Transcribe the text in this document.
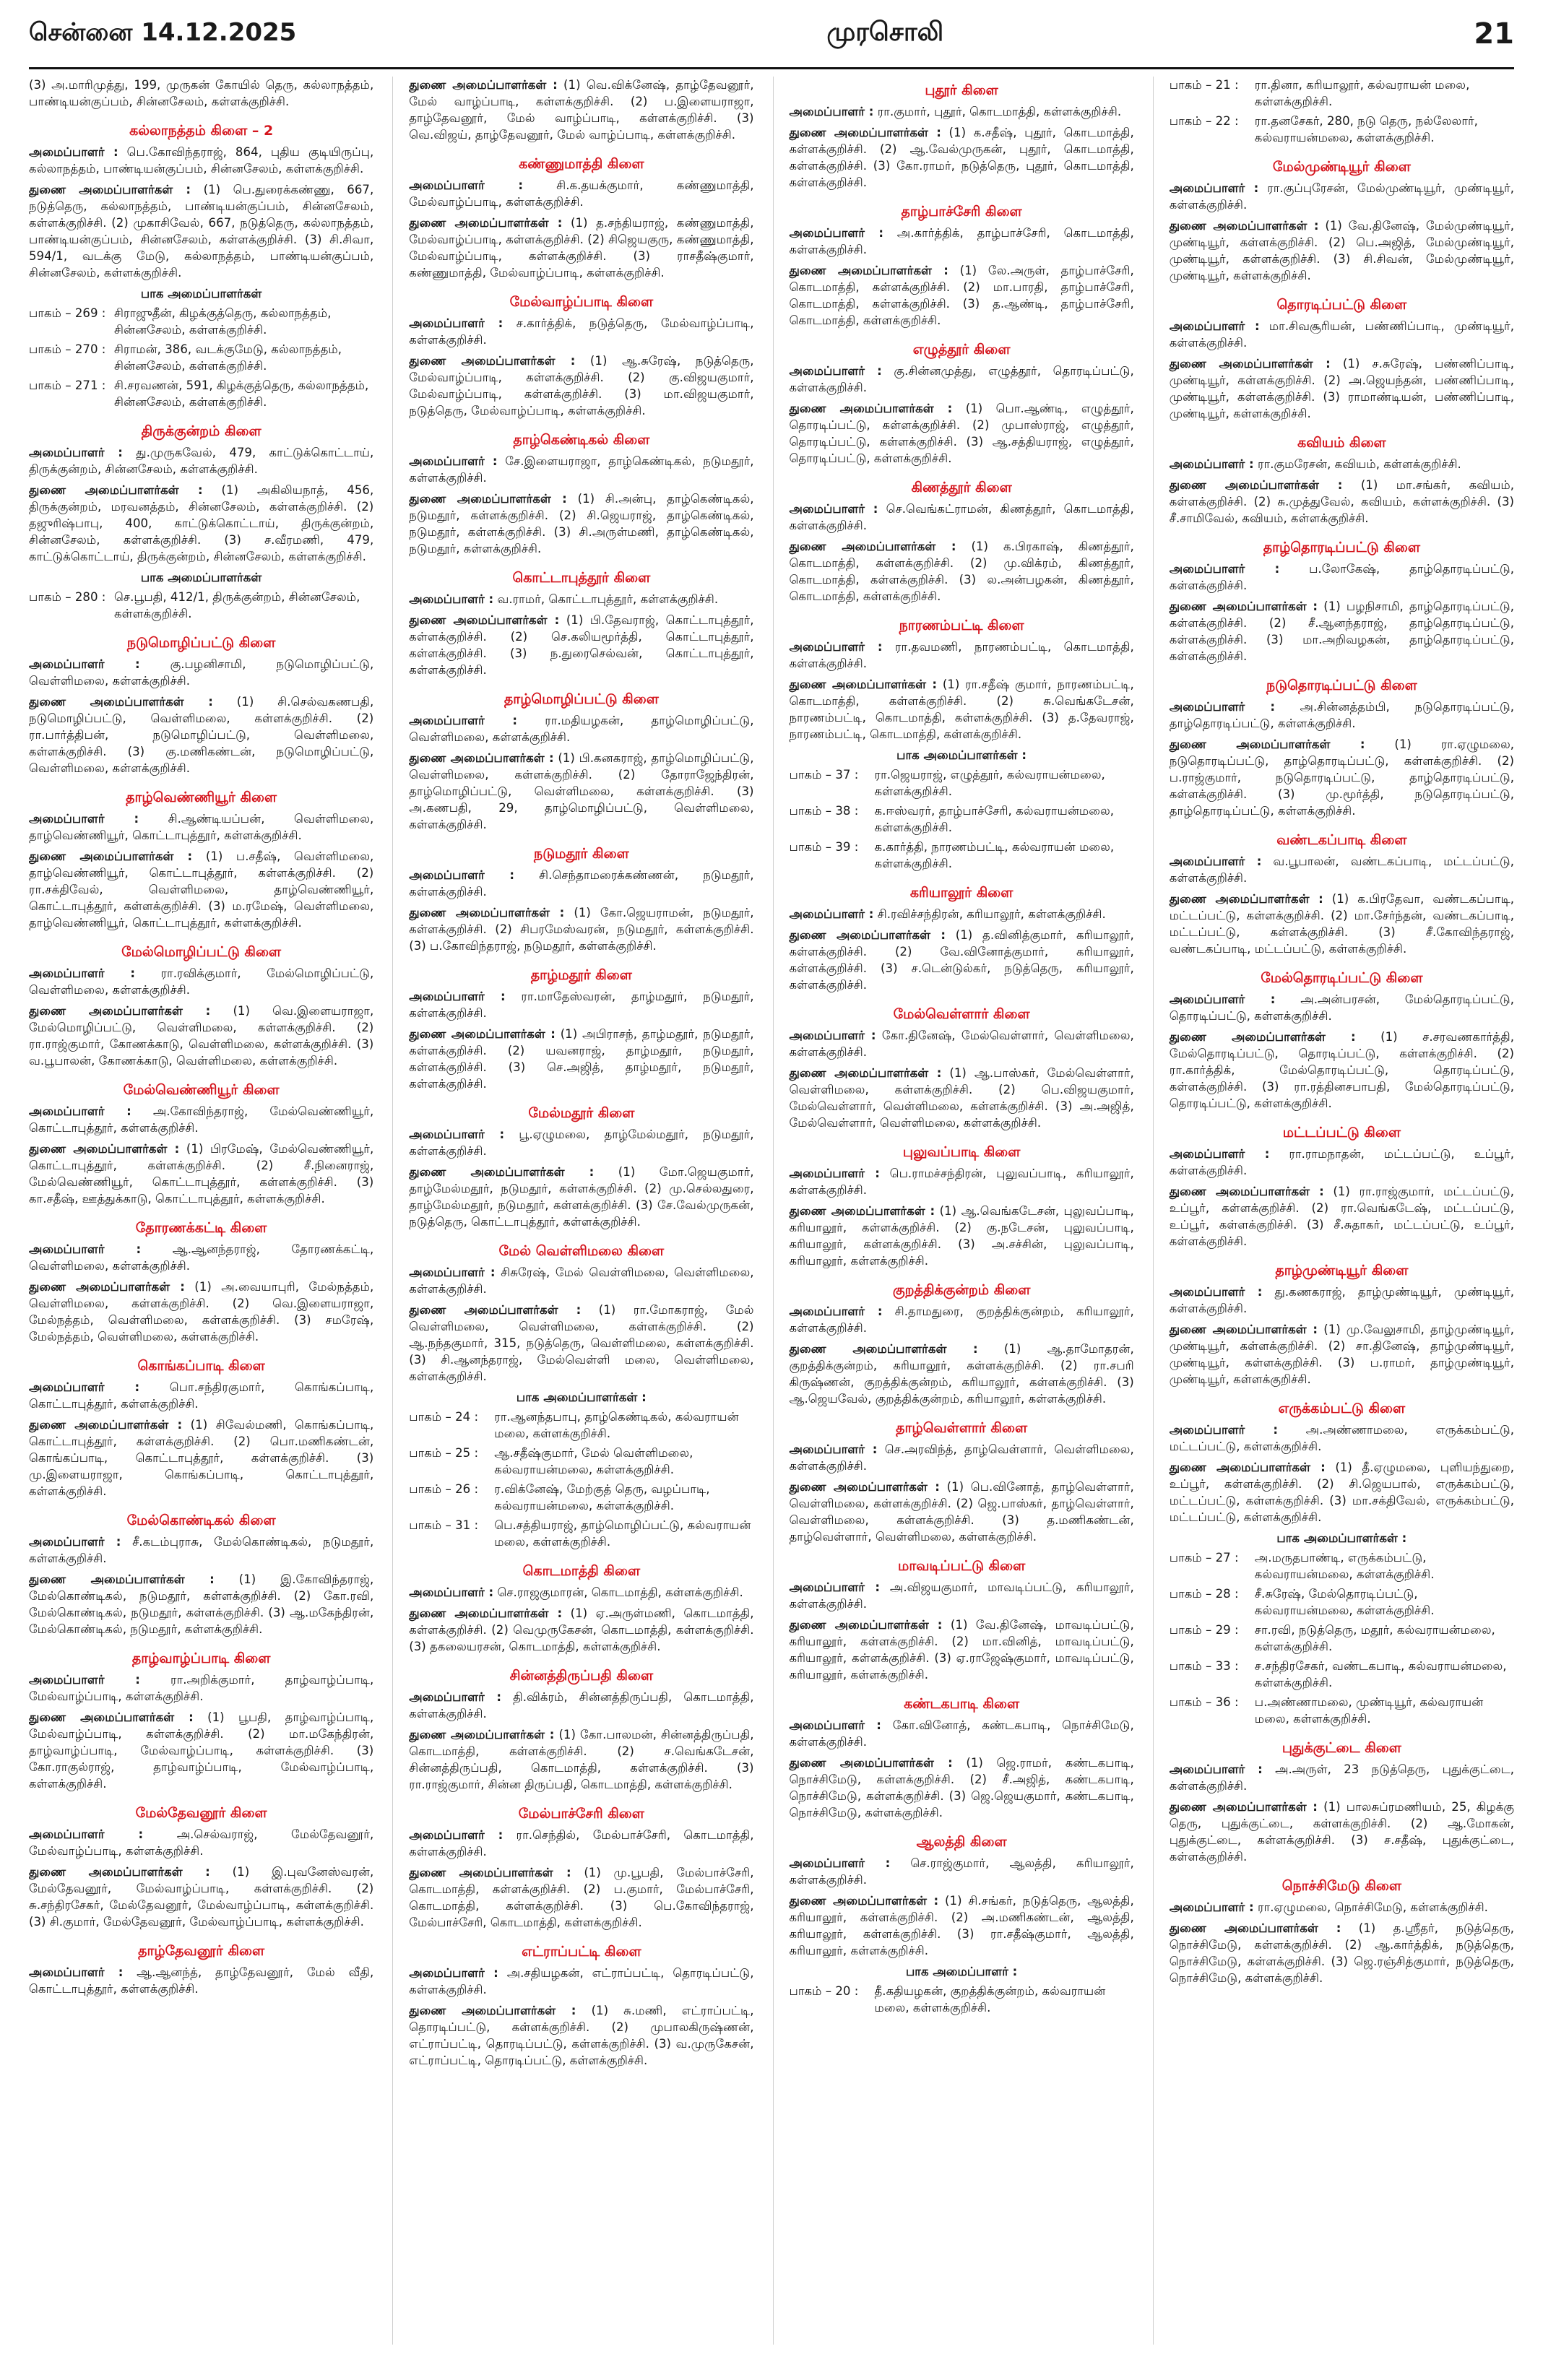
சென்னை 14.12.2025	முரசொலி	21

(3) அ.மாரிமுத்து, 199, முருகன் கோயில் தெரு, கல்லாநத்தம், பாண்டியன்குப்பம், சின்னசேலம், கள்ளக்குறிச்சி.

கல்லாநத்தம் கிளை – 2

அமைப்பாளர் : பெ.கோவிந்தராஜ், 864, புதிய குடியிருப்பு, கல்லாநத்தம், பாண்டியன்குப்பம், சின்னசேலம், கள்ளக்குறிச்சி.

துணை அமைப்பாளர்கள் : (1) பெ.துரைக்கண்ணு, 667, நடுத்தெரு, கல்லாநத்தம், பாண்டியன்குப்பம், சின்னசேலம், கள்ளக்குறிச்சி. (2) முகாசிவேல், 667, நடுத்தெரு, கல்லாநத்தம், பாண்டியன்குப்பம், சின்னசேலம், கள்ளக்குறிச்சி. (3) சி.சிவா, 594/1, வடக்கு மேடு, கல்லாநத்தம், பாண்டியன்குப்பம், சின்னசேலம், கள்ளக்குறிச்சி.

பாக அமைப்பாளர்கள்
பாகம் – 269 : சிராஜுதீன், கிழக்குத்தெரு, கல்லாநத்தம், சின்னசேலம், கள்ளக்குறிச்சி.
பாகம் – 270 : சிராமன், 386, வடக்குமேடு, கல்லாநத்தம், சின்னசேலம், கள்ளக்குறிச்சி.
பாகம் – 271 : சி.சரவணன், 591, கிழக்குத்தெரு, கல்லாநத்தம், சின்னசேலம், கள்ளக்குறிச்சி.
திருக்குன்றம் கிளை

அமைப்பாளர் : து.முருகவேல், 479, காட்டுக்கொட்டாய், திருக்குன்றம், சின்னசேலம், கள்ளக்குறிச்சி.

துணை அமைப்பாளர்கள் : (1) அகிலியநாத், 456, திருக்குன்றம், மரவனத்தம், சின்னசேலம், கள்ளக்குறிச்சி. (2) தஜுரிஷ்பாபு, 400, காட்டுக்கொட்டாய், திருக்குன்றம், சின்னசேலம், கள்ளக்குறிச்சி. (3) ச.வீரமணி, 479, காட்டுக்கொட்டாய், திருக்குன்றம், சின்னசேலம், கள்ளக்குறிச்சி.

பாக அமைப்பாளர்கள்
பாகம் – 280 : செ.பூபதி, 412/1, திருக்குன்றம், சின்னசேலம், கள்ளக்குறிச்சி.
நடுமொழிப்பட்டு கிளை

அமைப்பாளர் :	கு.பழனிசாமி, நடுமொழிப்பட்டு, வெள்ளிமலை, கள்ளக்குறிச்சி.

துணை அமைப்பாளர்கள் : (1) சி.செல்வகணபதி, நடுமொழிப்பட்டு, வெள்ளிமலை, கள்ளக்குறிச்சி. (2) ரா.பார்த்திபன், நடுமொழிப்பட்டு, வெள்ளிமலை, கள்ளக்குறிச்சி. (3) கு.மணிகண்டன், நடுமொழிப்பட்டு, வெள்ளிமலை, கள்ளக்குறிச்சி.

தாழ்வெண்ணியூர் கிளை

அமைப்பாளர் : சி.ஆண்டியப்பன், வெள்ளிமலை, தாழ்வெண்ணியூர், கொட்டாபுத்தூர், கள்ளக்குறிச்சி.

துணை அமைப்பாளர்கள் : (1) ப.சதீஷ், வெள்ளிமலை, தாழ்வெண்ணியூர், கொட்டாபுத்தூர், கள்ளக்குறிச்சி. (2) ரா.சக்திவேல், வெள்ளிமலை, தாழ்வெண்ணியூர், கொட்டாபுத்தூர், கள்ளக்குறிச்சி. (3) ம.ரமேஷ், வெள்ளிமலை, தாழ்வெண்ணியூர், கொட்டாபுத்தூர், கள்ளக்குறிச்சி.

மேல்மொழிப்பட்டு கிளை

அமைப்பாளர் : ரா.ரவிக்குமார், மேல்மொழிப்பட்டு, வெள்ளிமலை, கள்ளக்குறிச்சி.

துணை அமைப்பாளர்கள் : (1) வெ.இளையராஜா, மேல்மொழிப்பட்டு, வெள்ளிமலை, கள்ளக்குறிச்சி. (2) ரா.ராஜ்குமார், கோணக்காடு, வெள்ளிமலை, கள்ளக்குறிச்சி. (3) வ.பூபாலன், கோணக்காடு, வெள்ளிமலை, கள்ளக்குறிச்சி.

மேல்வெண்ணியூர் கிளை

அமைப்பாளர் : அ.கோவிந்தராஜ், மேல்வெண்ணியூர், கொட்டாபுத்தூர், கள்ளக்குறிச்சி.

துணை அமைப்பாளர்கள் : (1) பிரமேஷ், மேல்வெண்ணியூர், கொட்டாபுத்தூர், கள்ளக்குறிச்சி. (2) சீ.நினைராஜ், மேல்வெண்ணியூர், கொட்டாபுத்தூர், கள்ளக்குறிச்சி. (3) கா.சதீஷ், ஊத்துக்காடு, கொட்டாபுத்தூர், கள்ளக்குறிச்சி.

தோரணக்கட்டி கிளை

அமைப்பாளர் :	ஆ.ஆனந்தராஜ், தோரணக்கட்டி, வெள்ளிமலை, கள்ளக்குறிச்சி.

துணை அமைப்பாளர்கள் : (1) அ.வையாபுரி, மேல்நத்தம், வெள்ளிமலை, கள்ளக்குறிச்சி. (2) வெ.இளையராஜா, மேல்நத்தம், வெள்ளிமலை, கள்ளக்குறிச்சி. (3) சமரேஷ், மேல்நத்தம், வெள்ளிமலை, கள்ளக்குறிச்சி.

கொங்கப்பாடி கிளை

அமைப்பாளர் :	பொ.சந்திரகுமார், கொங்கப்பாடி, கொட்டாபுத்தூர், கள்ளக்குறிச்சி.

துணை அமைப்பாளர்கள் : (1) சிவேல்மணி, கொங்கப்பாடி, கொட்டாபுத்தூர், கள்ளக்குறிச்சி. (2) பொ.மணிகண்டன், கொங்கப்பாடி, கொட்டாபுத்தூர், கள்ளக்குறிச்சி. (3) மு.இளையராஜா, கொங்கப்பாடி, கொட்டாபுத்தூர், கள்ளக்குறிச்சி.

மேல்கொண்டிகல் கிளை

அமைப்பாளர் : சீ.கடம்புராசு, மேல்கொண்டிகல், நடுமதூர், கள்ளக்குறிச்சி.

துணை அமைப்பாளர்கள் : (1) இ.கோவிந்தராஜ், மேல்கொண்டிகல், நடுமதூர், கள்ளக்குறிச்சி. (2) கோ.ரவி, மேல்கொண்டிகல், நடுமதூர், கள்ளக்குறிச்சி. (3) ஆ.மகேந்திரன், மேல்கொண்டிகல், நடுமதூர், கள்ளக்குறிச்சி.

தாழ்வாழ்ப்பாடி கிளை

அமைப்பாளர் :	ரா.அறிக்குமார், தாழ்வாழ்ப்பாடி, மேல்வாழ்ப்பாடி, கள்ளக்குறிச்சி.

துணை அமைப்பாளர்கள் : (1) பூபதி, தாழ்வாழ்ப்பாடி, மேல்வாழ்ப்பாடி, கள்ளக்குறிச்சி. (2) மா.மகேந்திரன், தாழ்வாழ்ப்பாடி, மேல்வாழ்ப்பாடி, கள்ளக்குறிச்சி. (3) கோ.ராகுல்ராஜ், தாழ்வாழ்ப்பாடி, மேல்வாழ்ப்பாடி, கள்ளக்குறிச்சி.

மேல்தேவனூர் கிளை

அமைப்பாளர் :	அ.செல்வராஜ், மேல்தேவனூர், மேல்வாழ்ப்பாடி, கள்ளக்குறிச்சி.

துணை அமைப்பாளர்கள் : (1) இ.புவனேஸ்வரன், மேல்தேவனூர், மேல்வாழ்ப்பாடி, கள்ளக்குறிச்சி. (2) சு.சந்திரசேகர், மேல்தேவனூர், மேல்வாழ்ப்பாடி, கள்ளக்குறிச்சி. (3) சி.குமார், மேல்தேவனூர், மேல்வாழ்ப்பாடி, கள்ளக்குறிச்சி.

தாழ்தேவனூர் கிளை

அமைப்பாளர் : ஆ.ஆனந்த், தாழ்தேவனூர், மேல் வீதி, கொட்டாபுத்தூர், கள்ளக்குறிச்சி.

துணை அமைப்பாளர்கள் : (1) வெ.விக்னேஷ், தாழ்தேவனூர், மேல் வாழ்ப்பாடி, கள்ளக்குறிச்சி. (2) ப.இளையராஜா, தாழ்தேவனூர், மேல் வாழ்ப்பாடி, கள்ளக்குறிச்சி. (3) வெ.விஜய், தாழ்தேவனூர், மேல் வாழ்ப்பாடி, கள்ளக்குறிச்சி.

கண்ணுமாத்தி கிளை

அமைப்பாளர் :	சி.க.தயக்குமார், கண்ணுமாத்தி, மேல்வாழ்ப்பாடி, கள்ளக்குறிச்சி.

துணை அமைப்பாளர்கள் : (1) த.சந்தியராஜ், கண்ணுமாத்தி, மேல்வாழ்ப்பாடி, கள்ளக்குறிச்சி. (2) சிஜெயகுரு, கண்ணுமாத்தி, மேல்வாழ்ப்பாடி, கள்ளக்குறிச்சி. (3) ராசதீஷ்குமார், கண்ணுமாத்தி, மேல்வாழ்ப்பாடி, கள்ளக்குறிச்சி.

மேல்வாழ்ப்பாடி கிளை

அமைப்பாளர் : ச.கார்த்திக், நடுத்தெரு, மேல்வாழ்ப்பாடி, கள்ளக்குறிச்சி.

துணை அமைப்பாளர்கள் : (1) ஆ.சுரேஷ், நடுத்தெரு, மேல்வாழ்ப்பாடி, கள்ளக்குறிச்சி. (2) கு.விஜயகுமார், மேல்வாழ்ப்பாடி, கள்ளக்குறிச்சி. (3) மா.விஜயகுமார், நடுத்தெரு, மேல்வாழ்ப்பாடி, கள்ளக்குறிச்சி.

தாழ்கெண்டிகல் கிளை

அமைப்பாளர் : சே.இளையராஜா, தாழ்கெண்டிகல், நடுமதூர், கள்ளக்குறிச்சி.

துணை அமைப்பாளர்கள் : (1) சி.அன்பு, தாழ்கெண்டிகல், நடுமதூர், கள்ளக்குறிச்சி. (2) சி.ஜெயராஜ், தாழ்கெண்டிகல், நடுமதூர், கள்ளக்குறிச்சி. (3) சி.அருள்மணி, தாழ்கெண்டிகல், நடுமதூர், கள்ளக்குறிச்சி.

கொட்டாபுத்தூர் கிளை

அமைப்பாளர் : வ.ராமர், கொட்டாபுத்தூர், கள்ளக்குறிச்சி.

துணை அமைப்பாளர்கள் : (1) பி.தேவராஜ், கொட்டாபுத்தூர், கள்ளக்குறிச்சி. (2) செ.கலியமூர்த்தி, கொட்டாபுத்தூர், கள்ளக்குறிச்சி. (3) ந.துரைசெல்வன், கொட்டாபுத்தூர், கள்ளக்குறிச்சி.

தாழ்மொழிப்பட்டு கிளை

அமைப்பாளர் : ரா.மதியழகன், தாழ்மொழிப்பட்டு, வெள்ளிமலை, கள்ளக்குறிச்சி.

துணை அமைப்பாளர்கள் : (1) பி.கனகராஜ், தாழ்மொழிப்பட்டு, வெள்ளிமலை, கள்ளக்குறிச்சி. (2) தோராஜேந்திரன், தாழ்மொழிப்பட்டு, வெள்ளிமலை, கள்ளக்குறிச்சி. (3) அ.கணபதி, 29, தாழ்மொழிப்பட்டு, வெள்ளிமலை, கள்ளக்குறிச்சி.

நடுமதூர் கிளை

அமைப்பாளர் : சி.செந்தாமரைக்கண்ணன், நடுமதூர், கள்ளக்குறிச்சி.

துணை அமைப்பாளர்கள் : (1) கோ.ஜெயராமன், நடுமதூர், கள்ளக்குறிச்சி. (2) சிபரமேஸ்வரன், நடுமதூர், கள்ளக்குறிச்சி. (3) ப.கோவிந்தராஜ், நடுமதூர், கள்ளக்குறிச்சி.

தாழ்மதூர் கிளை

அமைப்பாளர் : ரா.மாதேஸ்வரன், தாழ்மதூர், நடுமதூர், கள்ளக்குறிச்சி.

துணை அமைப்பாளர்கள் : (1) அபிராசந், தாழ்மதூர், நடுமதூர், கள்ளக்குறிச்சி. (2) யவனராஜ், தாழ்மதூர், நடுமதூர், கள்ளக்குறிச்சி. (3) செ.அஜித், தாழ்மதூர், நடுமதூர், கள்ளக்குறிச்சி.

மேல்மதூர் கிளை

அமைப்பாளர் : பூ.ஏழுமலை, தாழ்மேல்மதூர், நடுமதூர், கள்ளக்குறிச்சி.

துணை அமைப்பாளர்கள் : (1) மோ.ஜெயகுமார், தாழ்மேல்மதூர், நடுமதூர், கள்ளக்குறிச்சி. (2) மு.செல்லதுரை, தாழ்மேல்மதூர், நடுமதூர், கள்ளக்குறிச்சி. (3) சே.வேல்முருகன், நடுத்தெரு, கொட்டாபுத்தூர், கள்ளக்குறிச்சி.

மேல் வெள்ளிமலை கிளை

அமைப்பாளர் : சிசுரேஷ், மேல் வெள்ளிமலை, வெள்ளிமலை, கள்ளக்குறிச்சி.

துணை அமைப்பாளர்கள் : (1) ரா.மோகராஜ், மேல் வெள்ளிமலை, வெள்ளிமலை, கள்ளக்குறிச்சி. (2) ஆ.நந்தகுமார், 315, நடுத்தெரு, வெள்ளிமலை, கள்ளக்குறிச்சி. (3) சி.ஆனந்தராஜ், மேல்வெள்ளி மலை, வெள்ளிமலை, கள்ளக்குறிச்சி.

பாக அமைப்பாளர்கள் :
பாகம் – 24 :	ரா.ஆனந்தபாபு, தாழ்கெண்டிகல், கல்வராயன் மலை, கள்ளக்குறிச்சி.
பாகம் – 25 :	ஆ.சதீஷ்குமார், மேல் வெள்ளிமலை, கல்வராயன்மலை, கள்ளக்குறிச்சி.
பாகம் – 26 :	ர.விக்னேஷ், மேற்குத் தெரு, வழப்பாடி, கல்வராயன்மலை, கள்ளக்குறிச்சி.
பாகம் – 31 :	பெ.சத்தியராஜ், தாழ்மொழிப்பட்டு, கல்வராயன் மலை, கள்ளக்குறிச்சி.
கொடமாத்தி கிளை

அமைப்பாளர் : செ.ராஜகுமாரன், கொடமாத்தி, கள்ளக்குறிச்சி.

துணை அமைப்பாளர்கள் : (1) ஏ.அருள்மணி, கொடமாத்தி, கள்ளக்குறிச்சி. (2) வெமுருகேசன், கொடமாத்தி, கள்ளக்குறிச்சி. (3) தகலையரசன், கொடமாத்தி, கள்ளக்குறிச்சி.

சின்னத்திருப்பதி கிளை

அமைப்பாளர் : தி.விக்ரம், சின்னத்திருப்பதி, கொடமாத்தி, கள்ளக்குறிச்சி.

துணை அமைப்பாளர்கள் : (1) கோ.பாலமன், சின்னத்திருப்பதி, கொடமாத்தி, கள்ளக்குறிச்சி. (2) ச.வெங்கடேசன், சின்னத்திருப்பதி, கொடமாத்தி, கள்ளக்குறிச்சி. (3) ரா.ராஜ்குமார், சின்ன திருப்பதி, கொடமாத்தி, கள்ளக்குறிச்சி.

மேல்பாச்சேரி கிளை

அமைப்பாளர் : ரா.செந்தில், மேல்பாச்சேரி, கொடமாத்தி, கள்ளக்குறிச்சி.

துணை அமைப்பாளர்கள் : (1) மு.பூபதி, மேல்பாச்சேரி, கொடமாத்தி, கள்ளக்குறிச்சி. (2) ப.குமார், மேல்பாச்சேரி, கொடமாத்தி, கள்ளக்குறிச்சி. (3) பெ.கோவிந்தராஜ், மேல்பாச்சேரி, கொடமாத்தி, கள்ளக்குறிச்சி.

எட்ராப்பட்டி கிளை

அமைப்பாளர் : அ.சதியழகன், எட்ராப்பட்டி, தொரடிப்பட்டு, கள்ளக்குறிச்சி.

துணை அமைப்பாளர்கள் : (1) சு.மணி, எட்ராப்பட்டி, தொரடிப்பட்டு, கள்ளக்குறிச்சி. (2) முபாலகிருஷ்ணன், எட்ராப்பட்டி, தொரடிப்பட்டு, கள்ளக்குறிச்சி. (3) வ.முருகேசன், எட்ராப்பட்டி, தொரடிப்பட்டு, கள்ளக்குறிச்சி.

புதூர் கிளை

அமைப்பாளர் : ரா.குமார், புதூர், கொடமாத்தி, கள்ளக்குறிச்சி.

துணை அமைப்பாளர்கள் : (1) க.சதீஷ், புதூர், கொடமாத்தி, கள்ளக்குறிச்சி. (2) ஆ.வேல்முருகன், புதூர், கொடமாத்தி, கள்ளக்குறிச்சி. (3) கோ.ராமர், நடுத்தெரு, புதூர், கொடமாத்தி, கள்ளக்குறிச்சி.

தாழ்பாச்சேரி கிளை

அமைப்பாளர் : அ.கார்த்திக், தாழ்பாச்சேரி, கொடமாத்தி, கள்ளக்குறிச்சி.

துணை அமைப்பாளர்கள் : (1) லே.அருள், தாழ்பாச்சேரி, கொடமாத்தி, கள்ளக்குறிச்சி. (2) மா.பாரதி, தாழ்பாச்சேரி, கொடமாத்தி, கள்ளக்குறிச்சி. (3) த.ஆண்டி, தாழ்பாச்சேரி, கொடமாத்தி, கள்ளக்குறிச்சி.

எழுத்தூர் கிளை

அமைப்பாளர் : கு.சின்னமுத்து, எழுத்தூர், தொரடிப்பட்டு, கள்ளக்குறிச்சி.

துணை அமைப்பாளர்கள் : (1) பொ.ஆண்டி, எழுத்தூர், தொரடிப்பட்டு, கள்ளக்குறிச்சி. (2) முபாஸ்ராஜ், எழுத்தூர், தொரடிப்பட்டு, கள்ளக்குறிச்சி. (3) ஆ.சத்தியராஜ், எழுத்தூர், தொரடிப்பட்டு, கள்ளக்குறிச்சி.

கிணத்தூர் கிளை

அமைப்பாளர் : செ.வெங்கட்ராமன், கிணத்தூர், கொடமாத்தி, கள்ளக்குறிச்சி.

துணை அமைப்பாளர்கள் : (1) க.பிரகாஷ், கிணத்தூர், கொடமாத்தி, கள்ளக்குறிச்சி. (2) மு.விக்ரம், கிணத்தூர், கொடமாத்தி, கள்ளக்குறிச்சி. (3) ல.அன்பழகன், கிணத்தூர், கொடமாத்தி, கள்ளக்குறிச்சி.

நாரணம்பட்டி கிளை

அமைப்பாளர் : ரா.தவமணி, நாரணம்பட்டி, கொடமாத்தி, கள்ளக்குறிச்சி.

துணை அமைப்பாளர்கள் : (1) ரா.சதீஷ் குமார், நாரணம்பட்டி, கொடமாத்தி, கள்ளக்குறிச்சி. (2) சு.வெங்கடேசன், நாரணம்பட்டி, கொடமாத்தி, கள்ளக்குறிச்சி. (3) த.தேவராஜ், நாரணம்பட்டி, கொடமாத்தி, கள்ளக்குறிச்சி.

பாக அமைப்பாளர்கள் :
பாகம் – 37 :	ரா.ஜெயராஜ், எழுத்தூர், கல்வராயன்மலை, கள்ளக்குறிச்சி.
பாகம் – 38 :	க.ஈஸ்வரர், தாழ்பாச்சேரி, கல்வராயன்மலை, கள்ளக்குறிச்சி.
பாகம் – 39 :	க.கார்த்தி, நாரணம்பட்டி, கல்வராயன் மலை, கள்ளக்குறிச்சி.
கரியாலூர் கிளை

அமைப்பாளர் : சி.ரவிச்சந்திரன், கரியாலூர், கள்ளக்குறிச்சி.

துணை அமைப்பாளர்கள் : (1) த.வினித்குமார், கரியாலூர், கள்ளக்குறிச்சி. (2) வே.வினோத்குமார், கரியாலூர், கள்ளக்குறிச்சி. (3) ச.டென்டுல்கர், நடுத்தெரு, கரியாலூர், கள்ளக்குறிச்சி.

மேல்வெள்ளார் கிளை

அமைப்பாளர் : கோ.தினேஷ், மேல்வெள்ளார், வெள்ளிமலை, கள்ளக்குறிச்சி.

துணை அமைப்பாளர்கள் : (1) ஆ.பாஸ்கர், மேல்வெள்ளார், வெள்ளிமலை, கள்ளக்குறிச்சி. (2) பெ.விஜயகுமார், மேல்வெள்ளார், வெள்ளிமலை, கள்ளக்குறிச்சி. (3) அ.அஜித், மேல்வெள்ளார், வெள்ளிமலை, கள்ளக்குறிச்சி.

புலுவப்பாடி கிளை

அமைப்பாளர் : பெ.ராமச்சந்திரன், புலுவப்பாடி, கரியாலூர், கள்ளக்குறிச்சி.

துணை அமைப்பாளர்கள் : (1) ஆ.வெங்கடேசன், புலுவப்பாடி, கரியாலூர், கள்ளக்குறிச்சி. (2) கு.நடேசன், புலுவப்பாடி, கரியாலூர், கள்ளக்குறிச்சி. (3) அ.சச்சின், புலுவப்பாடி, கரியாலூர், கள்ளக்குறிச்சி.

குறத்திக்குன்றம் கிளை

அமைப்பாளர் : சி.தாமதுரை, குறத்திக்குன்றம், கரியாலூர், கள்ளக்குறிச்சி.

துணை அமைப்பாளர்கள் : (1) ஆ.தாமோதரன், குறத்திக்குன்றம், கரியாலூர், கள்ளக்குறிச்சி. (2) ரா.சபரி கிருஷ்ணன், குறத்திக்குன்றம், கரியாலூர், கள்ளக்குறிச்சி. (3) ஆ.ஜெயவேல், குறத்திக்குன்றம், கரியாலூர், கள்ளக்குறிச்சி.

தாழ்வெள்ளார் கிளை

அமைப்பாளர் : செ.அரவிந்த், தாழ்வெள்ளார், வெள்ளிமலை, கள்ளக்குறிச்சி.

துணை அமைப்பாளர்கள் : (1) பெ.வினோத், தாழ்வெள்ளார், வெள்ளிமலை, கள்ளக்குறிச்சி. (2) ஜெ.பாஸ்கர், தாழ்வெள்ளார், வெள்ளிமலை, கள்ளக்குறிச்சி. (3) த.மணிகண்டன், தாழ்வெள்ளார், வெள்ளிமலை, கள்ளக்குறிச்சி.

மாவடிப்பட்டு கிளை

அமைப்பாளர் : அ.விஜயகுமார், மாவடிப்பட்டு, கரியாலூர், கள்ளக்குறிச்சி.

துணை அமைப்பாளர்கள் : (1) வே.தினேஷ், மாவடிப்பட்டு, கரியாலூர், கள்ளக்குறிச்சி. (2) மா.வினித், மாவடிப்பட்டு, கரியாலூர், கள்ளக்குறிச்சி. (3) ஏ.ராஜேஷ்குமார், மாவடிப்பட்டு, கரியாலூர், கள்ளக்குறிச்சி.

கண்டகபாடி கிளை

அமைப்பாளர் : கோ.வினோத், கண்டகபாடி, நொச்சிமேடு, கள்ளக்குறிச்சி.

துணை அமைப்பாளர்கள் : (1) ஜெ.ராமர், கண்டகபாடி, நொச்சிமேடு, கள்ளக்குறிச்சி. (2) சீ.அஜித், கண்டகபாடி, நொச்சிமேடு, கள்ளக்குறிச்சி. (3) ஜெ.ஜெயகுமார், கண்டகபாடி, நொச்சிமேடு, கள்ளக்குறிச்சி.

ஆலத்தி கிளை

அமைப்பாளர் : செ.ராஜ்குமார், ஆலத்தி, கரியாலூர், கள்ளக்குறிச்சி.

துணை அமைப்பாளர்கள் : (1) சி.சங்கர், நடுத்தெரு, ஆலத்தி, கரியாலூர், கள்ளக்குறிச்சி. (2) அ.மணிகண்டன், ஆலத்தி, கரியாலூர், கள்ளக்குறிச்சி. (3) ரா.சதீஷ்குமார், ஆலத்தி, கரியாலூர், கள்ளக்குறிச்சி.

பாக அமைப்பாளர் :
பாகம் – 20 :	தீ.கதியழகன், குறத்திக்குன்றம், கல்வராயன் மலை, கள்ளக்குறிச்சி.
பாகம் – 21 :	ரா.தினா, கரியாலூர், கல்வராயன் மலை, கள்ளக்குறிச்சி.
பாகம் – 22 :	ரா.தனசேகர், 280, நடு தெரு, நல்லேலார், கல்வராயன்மலை, கள்ளக்குறிச்சி.
மேல்முண்டியூர் கிளை

அமைப்பாளர் : ரா.குப்புரேசன், மேல்முண்டியூர், முண்டியூர், கள்ளக்குறிச்சி.

துணை அமைப்பாளர்கள் : (1) வே.தினேஷ், மேல்முண்டியூர், முண்டியூர், கள்ளக்குறிச்சி. (2) பெ.அஜித், மேல்முண்டியூர், முண்டியூர், கள்ளக்குறிச்சி. (3) சி.சிவன், மேல்முண்டியூர், முண்டியூர், கள்ளக்குறிச்சி.

தொரடிப்பட்டு கிளை

அமைப்பாளர் : மா.சிவசூரியன், பண்ணிப்பாடி, முண்டியூர், கள்ளக்குறிச்சி.

துணை அமைப்பாளர்கள் : (1) ச.சுரேஷ், பண்ணிப்பாடி, முண்டியூர், கள்ளக்குறிச்சி. (2) அ.ஜெயந்தன், பண்ணிப்பாடி, முண்டியூர், கள்ளக்குறிச்சி. (3) ராமாண்டியன், பண்ணிப்பாடி, முண்டியூர், கள்ளக்குறிச்சி.

கவியம் கிளை

அமைப்பாளர் : ரா.குமரேசன், கவியம், கள்ளக்குறிச்சி.

துணை அமைப்பாளர்கள் : (1) மா.சங்கர், கவியம், கள்ளக்குறிச்சி. (2) சு.முத்துவேல், கவியம், கள்ளக்குறிச்சி. (3) சீ.சாமிவேல், கவியம், கள்ளக்குறிச்சி.

தாழ்தொரடிப்பட்டு கிளை

அமைப்பாளர் : ப.லோகேஷ், தாழ்தொரடிப்பட்டு, கள்ளக்குறிச்சி.

துணை அமைப்பாளர்கள் : (1) பழநிசாமி, தாழ்தொரடிப்பட்டு, கள்ளக்குறிச்சி. (2) சீ.ஆனந்தராஜ், தாழ்தொரடிப்பட்டு, கள்ளக்குறிச்சி. (3) மா.அறிவழகன், தாழ்தொரடிப்பட்டு, கள்ளக்குறிச்சி.

நடுதொரடிப்பட்டு கிளை

அமைப்பாளர் : அ.சின்னத்தம்பி, நடுதொரடிப்பட்டு, தாழ்தொரடிப்பட்டு, கள்ளக்குறிச்சி.

துணை அமைப்பாளர்கள் : (1) ரா.ஏழுமலை, நடுதொரடிப்பட்டு, தாழ்தொரடிப்பட்டு, கள்ளக்குறிச்சி. (2) ப.ராஜ்குமார், நடுதொரடிப்பட்டு, தாழ்தொரடிப்பட்டு, கள்ளக்குறிச்சி. (3) மு.மூர்த்தி, நடுதொரடிப்பட்டு, தாழ்தொரடிப்பட்டு, கள்ளக்குறிச்சி.

வண்டகப்பாடி கிளை

அமைப்பாளர் : வ.பூபாலன், வண்டகப்பாடி, மட்டப்பட்டு, கள்ளக்குறிச்சி.

துணை அமைப்பாளர்கள் : (1) க.பிரதேவா, வண்டகப்பாடி, மட்டப்பட்டு, கள்ளக்குறிச்சி. (2) மா.சேர்ந்தன், வண்டகப்பாடி, மட்டப்பட்டு, கள்ளக்குறிச்சி. (3) சீ.கோவிந்தராஜ், வண்டகப்பாடி, மட்டப்பட்டு, கள்ளக்குறிச்சி.

மேல்தொரடிப்பட்டு கிளை

அமைப்பாளர் : அ.அன்பரசன், மேல்தொரடிப்பட்டு, தொரடிப்பட்டு, கள்ளக்குறிச்சி.

துணை அமைப்பாளர்கள் : (1) ச.சரவணகார்த்தி, மேல்தொரடிப்பட்டு, தொரடிப்பட்டு, கள்ளக்குறிச்சி. (2) ரா.கார்த்திக், மேல்தொரடிப்பட்டு, தொரடிப்பட்டு, கள்ளக்குறிச்சி. (3) ரா.ரத்தினசபாபதி, மேல்தொரடிப்பட்டு, தொரடிப்பட்டு, கள்ளக்குறிச்சி.

மட்டப்பட்டு கிளை

அமைப்பாளர் : ரா.ராமநாதன், மட்டப்பட்டு, உப்பூர், கள்ளக்குறிச்சி.

துணை அமைப்பாளர்கள் : (1) ரா.ராஜ்குமார், மட்டப்பட்டு, உப்பூர், கள்ளக்குறிச்சி. (2) ரா.வெங்கடேஷ், மட்டப்பட்டு, உப்பூர், கள்ளக்குறிச்சி. (3) சீ.சுதாகர், மட்டப்பட்டு, உப்பூர், கள்ளக்குறிச்சி.

தாழ்முண்டியூர் கிளை

அமைப்பாளர் : து.கணகராஜ், தாழ்முண்டியூர், முண்டியூர், கள்ளக்குறிச்சி.

துணை அமைப்பாளர்கள் : (1) மு.வேலுசாமி, தாழ்முண்டியூர், முண்டியூர், கள்ளக்குறிச்சி. (2) சா.தினேஷ், தாழ்முண்டியூர், முண்டியூர், கள்ளக்குறிச்சி. (3) ப.ராமர், தாழ்முண்டியூர், முண்டியூர், கள்ளக்குறிச்சி.

எருக்கம்பட்டு கிளை

அமைப்பாளர் : அ.அண்ணாமலை, எருக்கம்பட்டு, மட்டப்பட்டு, கள்ளக்குறிச்சி.

துணை அமைப்பாளர்கள் : (1) தீ.ஏழுமலை, புளியந்துறை, உப்பூர், கள்ளக்குறிச்சி. (2) சி.ஜெயபால், எருக்கம்பட்டு, மட்டப்பட்டு, கள்ளக்குறிச்சி. (3) மா.சக்திவேல், எருக்கம்பட்டு, மட்டப்பட்டு, கள்ளக்குறிச்சி.

பாக அமைப்பாளர்கள் :
பாகம் – 27 :	அ.மருதபாண்டி, எருக்கம்பட்டு, கல்வராயன்மலை, கள்ளக்குறிச்சி.
பாகம் – 28 :	சீ.சுரேஷ், மேல்தொரடிப்பட்டு, கல்வராயன்மலை, கள்ளக்குறிச்சி.
பாகம் – 29 :	சா.ரவி, நடுத்தெரு, மதூர், கல்வராயன்மலை, கள்ளக்குறிச்சி.
பாகம் – 33 :	ச.சந்திரசேகர், வண்டகபாடி, கல்வராயன்மலை, கள்ளக்குறிச்சி.
பாகம் – 36 :	ப.அண்ணாமலை, முண்டியூர், கல்வராயன் மலை, கள்ளக்குறிச்சி.
புதுக்குட்டை கிளை

அமைப்பாளர் : அ.அருள், 23 நடுத்தெரு, புதுக்குட்டை, கள்ளக்குறிச்சி.

துணை அமைப்பாளர்கள் : (1) பாலசுப்ரமணியம், 25, கிழக்கு தெரு, புதுக்குட்டை, கள்ளக்குறிச்சி. (2) ஆ.மோகன், புதுக்குட்டை, கள்ளக்குறிச்சி. (3) ச.சதீஷ், புதுக்குட்டை, கள்ளக்குறிச்சி.

நொச்சிமேடு கிளை

அமைப்பாளர் : ரா.ஏழுமலை, நொச்சிமேடு, கள்ளக்குறிச்சி.

துணை அமைப்பாளர்கள் : (1) த.ஸ்ரீதர், நடுத்தெரு, நொச்சிமேடு, கள்ளக்குறிச்சி. (2) ஆ.கார்த்திக், நடுத்தெரு, நொச்சிமேடு, கள்ளக்குறிச்சி. (3) ஜெ.ரஞ்சித்குமார், நடுத்தெரு, நொச்சிமேடு, கள்ளக்குறிச்சி.
